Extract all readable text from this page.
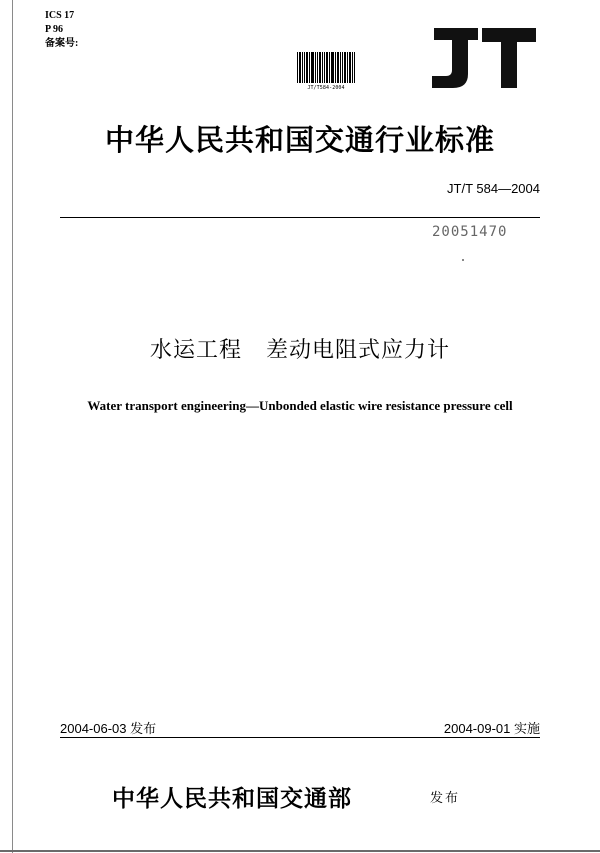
ICS 17
P 96
备案号:
JT/T584-2004
中华人民共和国交通行业标准
JT/T 584—2004
20051470
水运工程   差动电阻式应力计
Water transport engineering—Unbonded elastic wire resistance pressure cell
2004-06-03 发布	2004-09-01 实施
中华人民共和国交通部	发布
